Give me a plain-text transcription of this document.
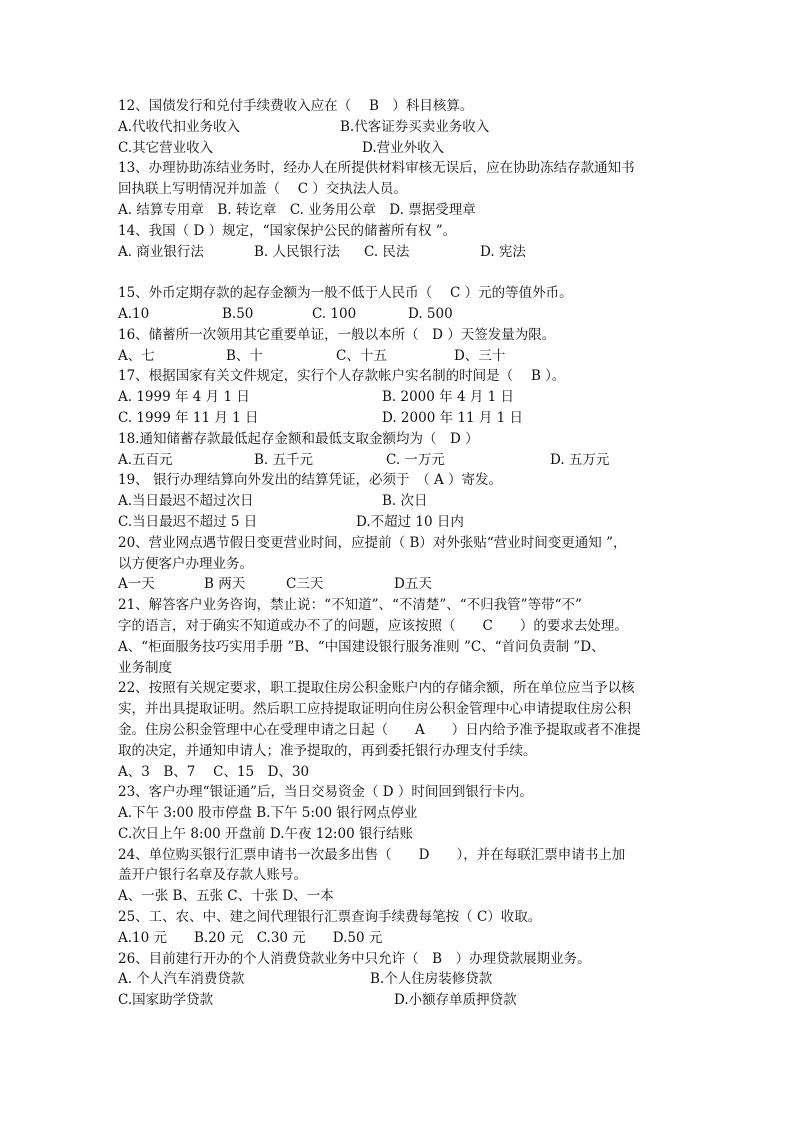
12、国债发行和兑付手续费收入应在（　 B　）科目核算。
A.代收代扣业务收入	B.代客证券买卖业务收入
C.其它营业收入	D.营业外收入
13、办理协助冻结业务时，经办人在所提供材料审核无误后，应在协助冻结存款通知书
回执联上写明情况并加盖（　 C ）交执法人员。
A. 结算专用章　B. 转讫章　C. 业务用公章　D. 票据受理章
14、我国（ D ）规定，“国家保护公民的储蓄所有权 ”。
A. 商业银行法	B. 人民银行法 C. 民法	D. 宪法
15、外币定期存款的起存金额为一般不低于人民币（　 C ）元的等值外币。
A.10	B.50	C. 100	D. 500
16、储蓄所一次领用其它重要单证，一般以本所（　D ）天签发量为限。
A、七	B、十	C、十五	D、三十
17、根据国家有关文件规定，实行个人存款帐户实名制的时间是（　 B ）。
A. 1999 年 4 月 1 日	B. 2000 年 4 月 1 日
C. 1999 年 11 月 1 日	D. 2000 年 11 月 1 日
18.通知储蓄存款最低起存金额和最低支取金额均为（　D ）
A.五百元	B. 五千元	C. 一万元	D. 五万元
19、 银行办理结算向外发出的结算凭证，必须于　（ A ）寄发。
A.当日最迟不超过次日	B. 次日
C.当日最迟不超过 5 日	D.不超过 10 日内
20、营业网点遇节假日变更营业时间，应提前（ B）对外张贴“营业时间变更通知 ”，
以方便客户办理业务。
A一天	B 两天	C三天	D五天
21、解答客户业务咨询，禁止说：“不知道”、“不清楚”、“不归我管”等带“不”
字的语言，对于确实不知道或办不了的问题，应该按照（　　C　　）的要求去处理。
A、“柜面服务技巧实用手册 ”B、“中国建设银行服务准则 ”C、“首问负责制 ”D、
业务制度
22、按照有关规定要求，职工提取住房公积金账户内的存储余额，所在单位应当予以核
实，并出具提取证明。然后职工应持提取证明向住房公积金管理中心申请提取住房公积
金。住房公积金管理中心在受理申请之日起（　　A　　）日内给予准予提取或者不准提
取的决定，并通知申请人；准予提取的，再到委托银行办理支付手续。
A、3　B、7　 C、15　D、30
23、客户办理“银证通”后，当日交易资金（ D ）时间回到银行卡内。
A.下午 3:00 股市停盘 B.下午 5:00 银行网点停业
C.次日上午 8:00 开盘前 D.午夜 12:00 银行结账
24、单位购买银行汇票申请书一次最多出售（　　D　　），并在每联汇票申请书上加
盖开户银行名章及存款人账号。
A、一张 B、五张 C、十张 D、一本
25、工、农、中、建之间代理银行汇票查询手续费每笔按（ C）收取。
A.10 元　　B.20 元　C.30 元　　D.50 元
26、目前建行开办的个人消费贷款业务中只允许（　B　）办理贷款展期业务。
A. 个人汽车消费贷款	B.个人住房装修贷款
C.国家助学贷款	D.小额存单质押贷款
